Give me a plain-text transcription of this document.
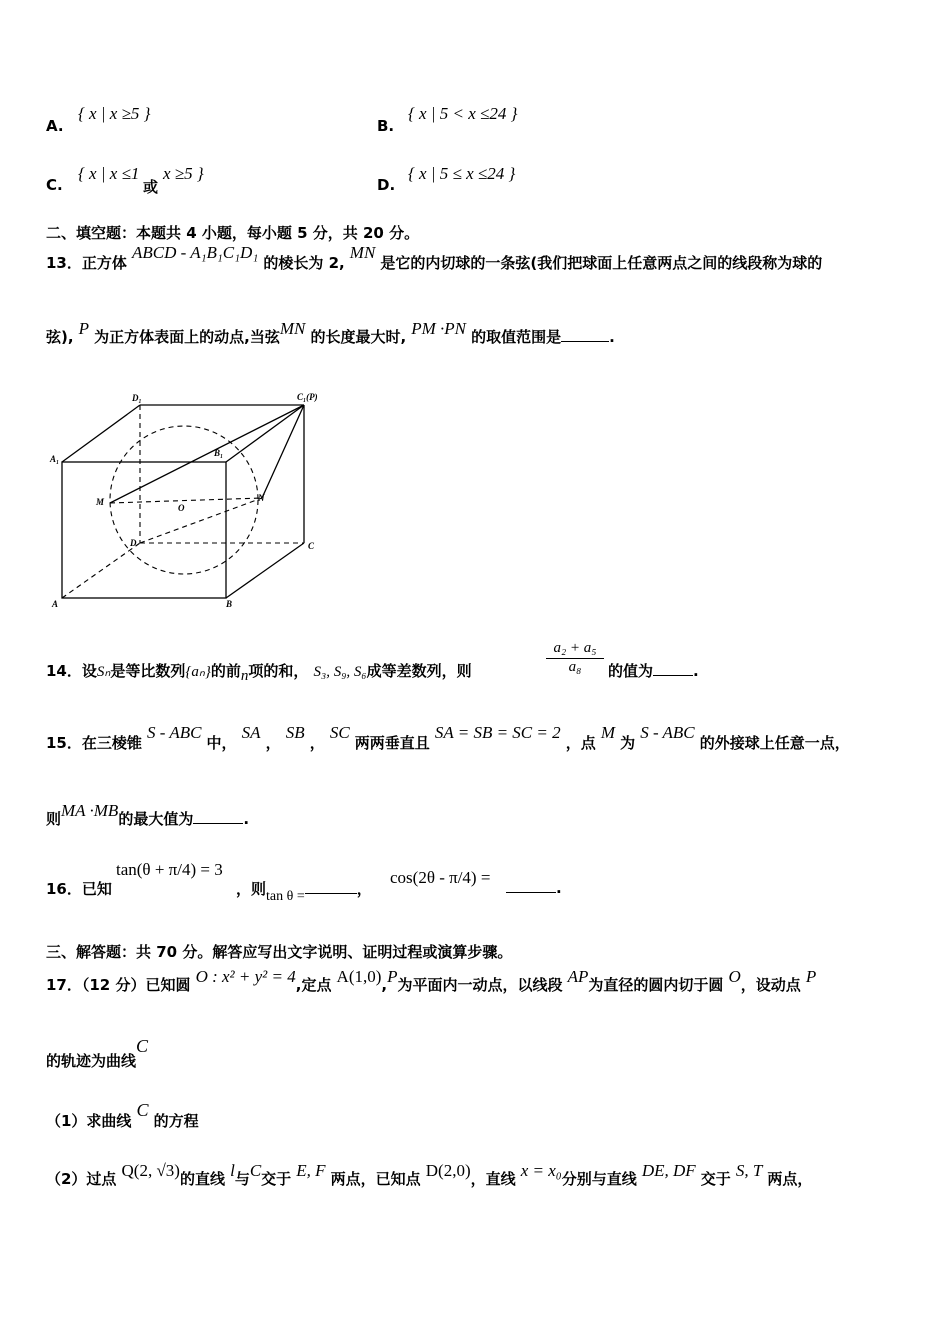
A.
{ x | x ≥5 }
B.
{ x | 5 < x ≤24 }
C.
{ x | x ≤1
或
x ≥5 }
D.
{ x | 5 ≤ x ≤24 }
二、填空题：本题共 4 小题，每小题 5 分，共 20 分。
13．正方体 ABCD - A₁B₁C₁D₁ 的棱长为 2, MN 是它的内切球的一条弦(我们把球面上任意两点之间的线段称为球的
弦), P 为正方体表面上的动点,当弦MN 的长度最大时, PM ·PN 的取值范围是	.
D₁	C₁(P)
A₁
B₁
M	N
O
D	C
A	B
14．设Sₙ是等比数列{aₙ}的前n项的和， S₃, S₉, S₆成等差数列，则	$\frac{\text{a₂ + a₅}}{\text{a₈}}$ 的值为	.
15．在三棱锥 S - ABC 中， SA ， SB ， SC 两两垂直且 SA = SB = SC = 2 ，点 M 为 S - ABC 的外接球上任意一点，
则MA ·MB的最大值为	.
16．已知
tan(θ + π/4) = 3
，则tan θ =	，
cos(2θ - π/4) =
.
三、解答题：共 70 分。解答应写出文字说明、证明过程或演算步骤。
17．（12 分）已知圆 O : x² + y² = 4,定点 A(1,0),P为平面内一动点，以线段 AP为直径的圆内切于圆 O，设动点 P
的轨迹为曲线C
（1）求曲线 C 的方程
（2）过点 Q(2, √3)的直线 l与C交于 E, F 两点，已知点 D(2,0)，直线 x = x₀分别与直线 DE, DF 交于 S, T 两点，
